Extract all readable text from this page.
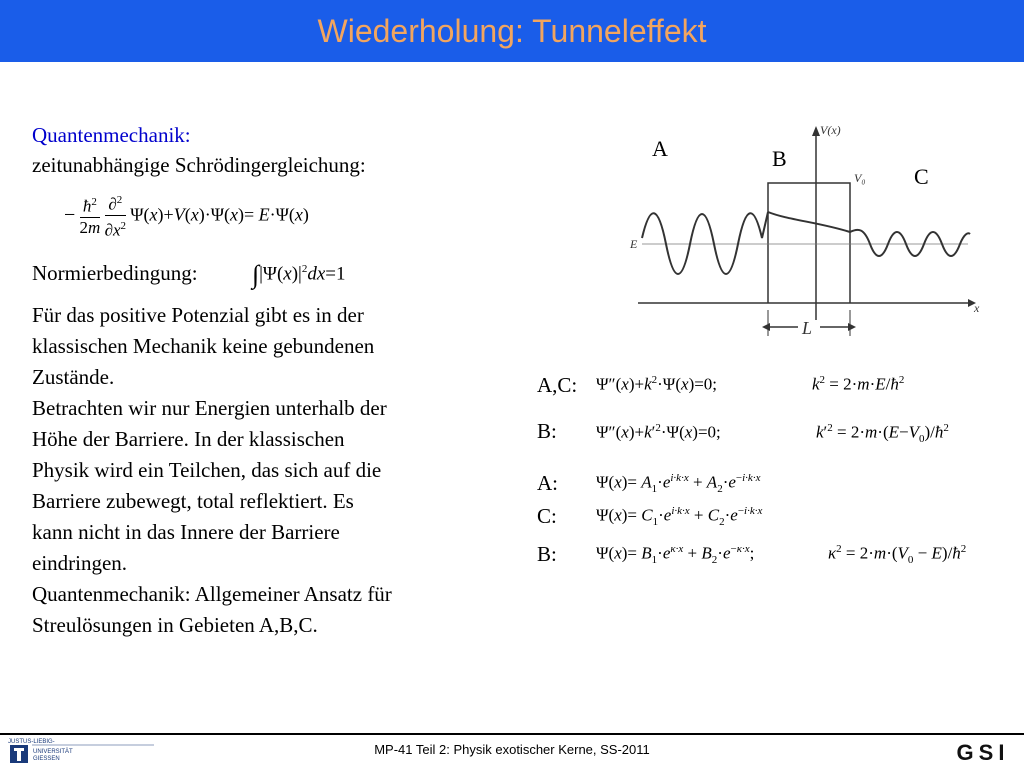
Wiederholung: Tunneleffekt
Quantenmechanik:
zeitunabhängige Schrödingergleichung:
− $\frac{ħ^2}{2m}$
$\frac{\partial^2}{\partial x^2} \Psi(x)+V(x)\cdot\Psi(x)= E\cdot\Psi(x)$
Normierbedingung: $\int|\Psi(x)|^2dx=1$
Für das positive Potenzial gibt es in der
klassischen Mechanik keine gebundenen
Zustände.
Betrachten wir nur Energien unterhalb der
Höhe der Barriere. In der klassischen
Physik wird ein Teilchen, das sich auf die
Barriere zubewegt, total reflektiert. Es
kann nicht in das Innere der Barriere
eindringen.
Quantenmechanik: Allgemeiner Ansatz für
Streulösungen in Gebieten A,B,C.
A	B
C
V(x)
x
E
V₀
L
A,C: $\Psi''(x)+k^2\cdot\Psi(x)=0$;	$k^2$ = $2\cdot m\cdot E/ħ^2$
B: $\Psi''(x)+k'^2\cdot\Psi(x)=0$;	$k'^2$ = $2\cdot m\cdot(E-V_0)/ħ^2$
A: $\Psi(x)= A_1\cdot e^{i\cdot k\cdot x} + A_2\cdot e^{-i\cdot k\cdot x}$
C: $\Psi(x)= C_1\cdot e^{i\cdot k\cdot x} + C_2\cdot e^{-i\cdot k\cdot x}$
B: $\Psi(x)= B_1\cdot e^{\kappa\cdot x} + B_2\cdot e^{-\kappa\cdot x}$;	$\kappa^2 = 2\cdot m\cdot(V_0$ − $E)/ħ^2$
MP-41 Teil 2: Physik exotischer Kerne, SS-2011
JUSTUS-LIEBIG-
UNIVERSITÄT
GIESSEN	GSI
